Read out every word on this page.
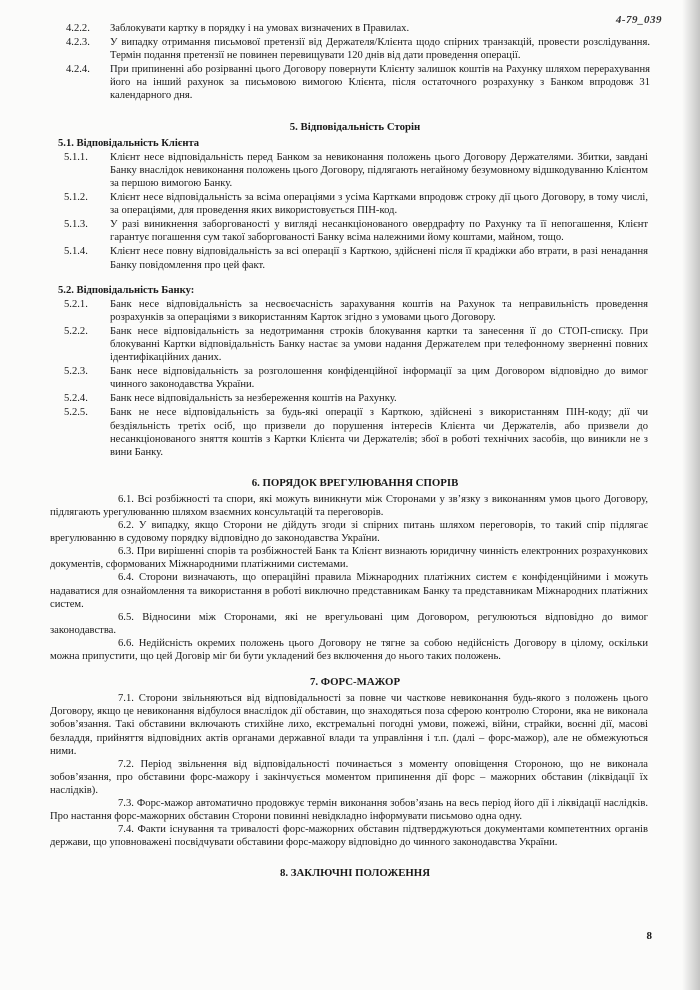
4-79_039
4.2.2.	Заблокувати картку в порядку і на умовах визначених в Правилах.
4.2.3.	У випадку отримання письмової претензії від Держателя/Клієнта щодо спірних транзакцій, провести розслідування. Термін подання претензії не повинен перевищувати 120 днів від дати проведення операції.
4.2.4.	При припиненні або розірванні цього Договору повернути Клієнту залишок коштів на Рахунку шляхом перерахування його на інший рахунок за письмовою вимогою Клієнта, після остаточного розрахунку з Банком впродовж 31 календарного дня.
5. Відповідальність Сторін
5.1. Відповідальність Клієнта
5.1.1.	Клієнт несе відповідальність перед Банком за невиконання положень цього Договору Держателями. Збитки, завдані Банку внаслідок невиконання положень цього Договору, підлягають негайному безумовному відшкодуванню Клієнтом за першою вимогою Банку.
5.1.2.	Клієнт несе відповідальність за всіма операціями з усіма Картками впродовж строку дії цього Договору, в тому числі, за операціями, для проведення яких використовується ПІН-код.
5.1.3.	У разі виникнення заборгованості у вигляді несанкціонованого овердрафту по Рахунку та її непогашення, Клієнт гарантує погашення сум такої заборгованості Банку всіма належними йому коштами, майном, тощо.
5.1.4.	Клієнт несе повну відповідальність за всі операції з Карткою, здійснені після її крадіжки або втрати, в разі ненадання Банку повідомлення про цей факт.
5.2. Відповідальність Банку:
5.2.1.	Банк несе відповідальність за несвоєчасність зарахування коштів на Рахунок та неправильність проведення розрахунків за операціями з використанням Карток згідно з умовами цього Договору.
5.2.2.	Банк несе відповідальність за недотримання строків блокування картки та занесення її до СТОП-списку. При блокуванні Картки відповідальність Банку настає за умови надання Держателем при телефонному зверненні повних ідентифікаційних даних.
5.2.3.	Банк несе відповідальність за розголошення конфіденційної інформації за цим Договором відповідно до вимог чинного законодавства України.
5.2.4.	Банк несе відповідальність за незбереження коштів на Рахунку.
5.2.5.	Банк не несе відповідальність за будь-які операції з Карткою, здійснені з використанням ПІН-коду; дії чи бездіяльність третіх осіб, що призвели до порушення інтересів Клієнта чи Держателів, або призвели до несанкціонованого зняття коштів з Картки Клієнта чи Держателів; збої в роботі технічних засобів, що виникли не з вини Банку.
6. ПОРЯДОК ВРЕГУЛЮВАННЯ СПОРІВ

6.1. Всі розбіжності та спори, які можуть виникнути між Сторонами у зв’язку з виконанням умов цього Договору, підлягають урегулюванню шляхом взаємних консультацій та переговорів.

6.2. У випадку, якщо Сторони не дійдуть згоди зі спірних питань шляхом переговорів, то такий спір підлягає врегулюванню в судовому порядку відповідно до законодавства України.

6.3. При вирішенні спорів та розбіжностей Банк та Клієнт визнають юридичну чинність електронних розрахункових документів, сформованих Міжнародними платіжними системами.

6.4. Сторони визначають, що операційні правила Міжнародних платіжних систем є конфіденційними і можуть надаватися для ознайомлення та використання в роботі виключно представникам Банку та представникам Міжнародних платіжних систем.

6.5. Відносини між Сторонами, які не врегульовані цим Договором, регулюються відповідно до вимог законодавства.

6.6. Недійсність окремих положень цього Договору не тягне за собою недійсність Договору в цілому, оскільки можна припустити, що цей Договір міг би бути укладений без включення до нього таких положень.

7. ФОРС-МАЖОР

7.1. Сторони звільняються від відповідальності за повне чи часткове невиконання будь-якого з положень цього Договору, якщо це невиконання відбулося внаслідок дії обставин, що знаходяться поза сферою контролю Сторони, яка не виконала зобов’язання. Такі обставини включають стихійне лихо, екстремальні погодні умови, пожежі, війни, страйки, воєнні дії, масові безладдя, прийняття відповідних актів органами державної влади та управління і т.п. (далі – форс-мажор), але не обмежуються ними.

7.2. Період звільнення від відповідальності починається з моменту оповіщення Стороною, що не виконала зобов’язання, про обставини форс-мажору і закінчується моментом припинення дії форс – мажорних обставин (ліквідації їх наслідків).

7.3. Форс-мажор автоматично продовжує термін виконання зобов’язань на весь період його дії і ліквідації наслідків. Про настання форс-мажорних обставин Сторони повинні невідкладно інформувати письмово одна одну.

7.4. Факти існування та тривалості форс-мажорних обставин підтверджуються документами компетентних органів держави, що уповноважені посвідчувати обставини форс-мажору відповідно до чинного законодавства України.

8. ЗАКЛЮЧНІ ПОЛОЖЕННЯ
8
